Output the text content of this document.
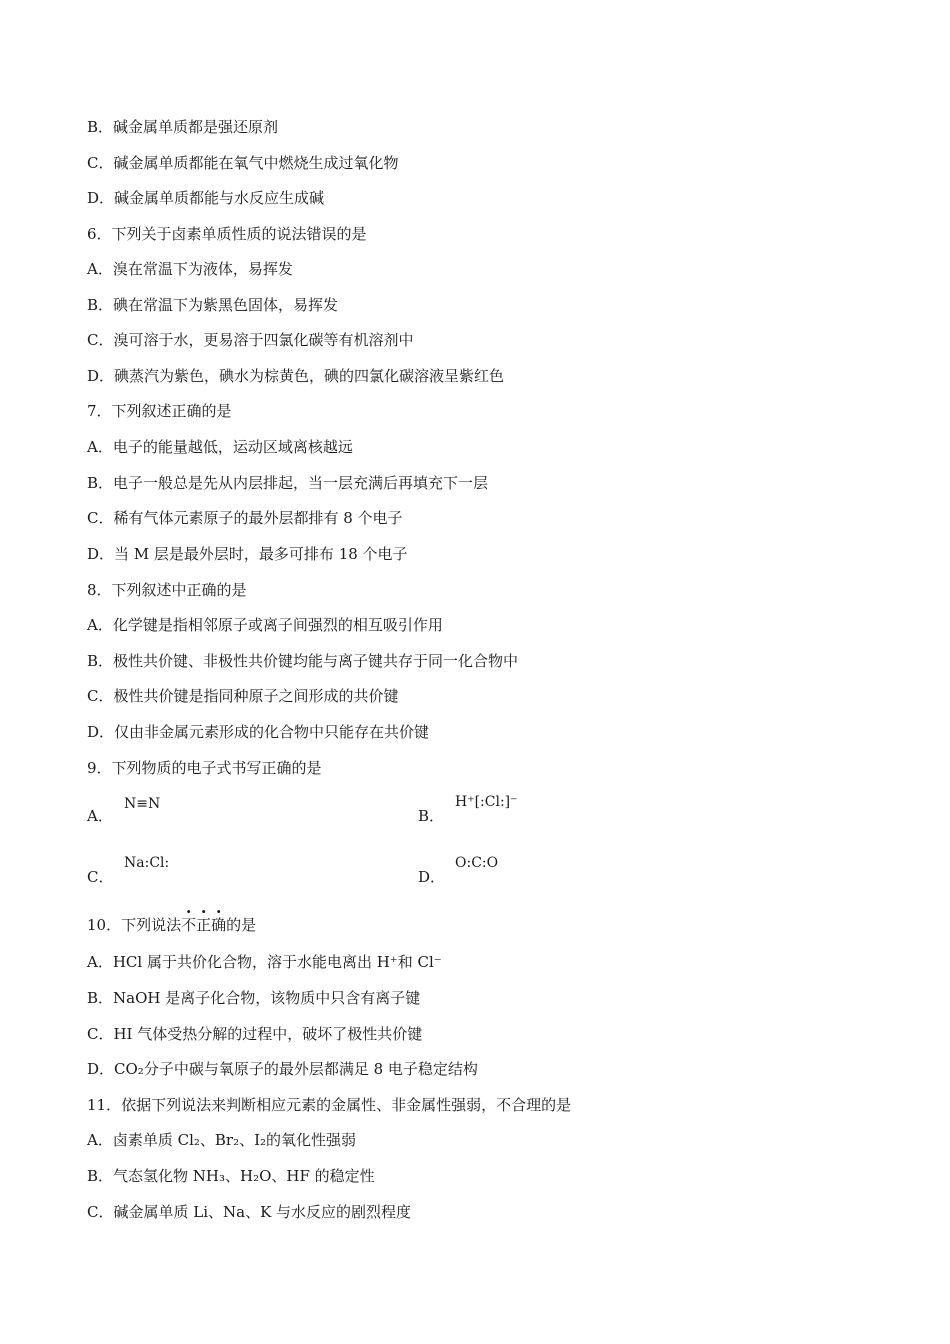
B．碱金属单质都是强还原剂
C．碱金属单质都能在氧气中燃烧生成过氧化物
D．碱金属单质都能与水反应生成碱
6．下列关于卤素单质性质的说法错误的是
A．溴在常温下为液体，易挥发
B．碘在常温下为紫黑色固体，易挥发
C．溴可溶于水，更易溶于四氯化碳等有机溶剂中
D．碘蒸汽为紫色，碘水为棕黄色，碘的四氯化碳溶液呈紫红色
7．下列叙述正确的是
A．电子的能量越低，运动区域离核越远
B．电子一般总是先从内层排起，当一层充满后再填充下一层
C．稀有气体元素原子的最外层都排有 8 个电子
D．当 M 层是最外层时，最多可排布 18 个电子
8．下列叙述中正确的是
A．化学键是指相邻原子或离子间强烈的相互吸引作用
B．极性共价键、非极性共价键均能与离子键共存于同一化合物中
C．极性共价键是指同种原子之间形成的共价键
D．仅由非金属元素形成的化合物中只能存在共价键
9．下列物质的电子式书写正确的是
A．
N≡N
B．
H⁺[:Cl:]⁻
C．
Na:Cl:
D．
O:C:O
10．下列说法不正确的是
A．HCl 属于共价化合物，溶于水能电离出 H⁺和 Cl⁻
B．NaOH 是离子化合物，该物质中只含有离子键
C．HI 气体受热分解的过程中，破坏了极性共价键
D．CO₂分子中碳与氧原子的最外层都满足 8 电子稳定结构
11．依据下列说法来判断相应元素的金属性、非金属性强弱，不合理的是
A．卤素单质 Cl₂、Br₂、I₂的氧化性强弱
B．气态氢化物 NH₃、H₂O、HF 的稳定性
C．碱金属单质 Li、Na、K 与水反应的剧烈程度
